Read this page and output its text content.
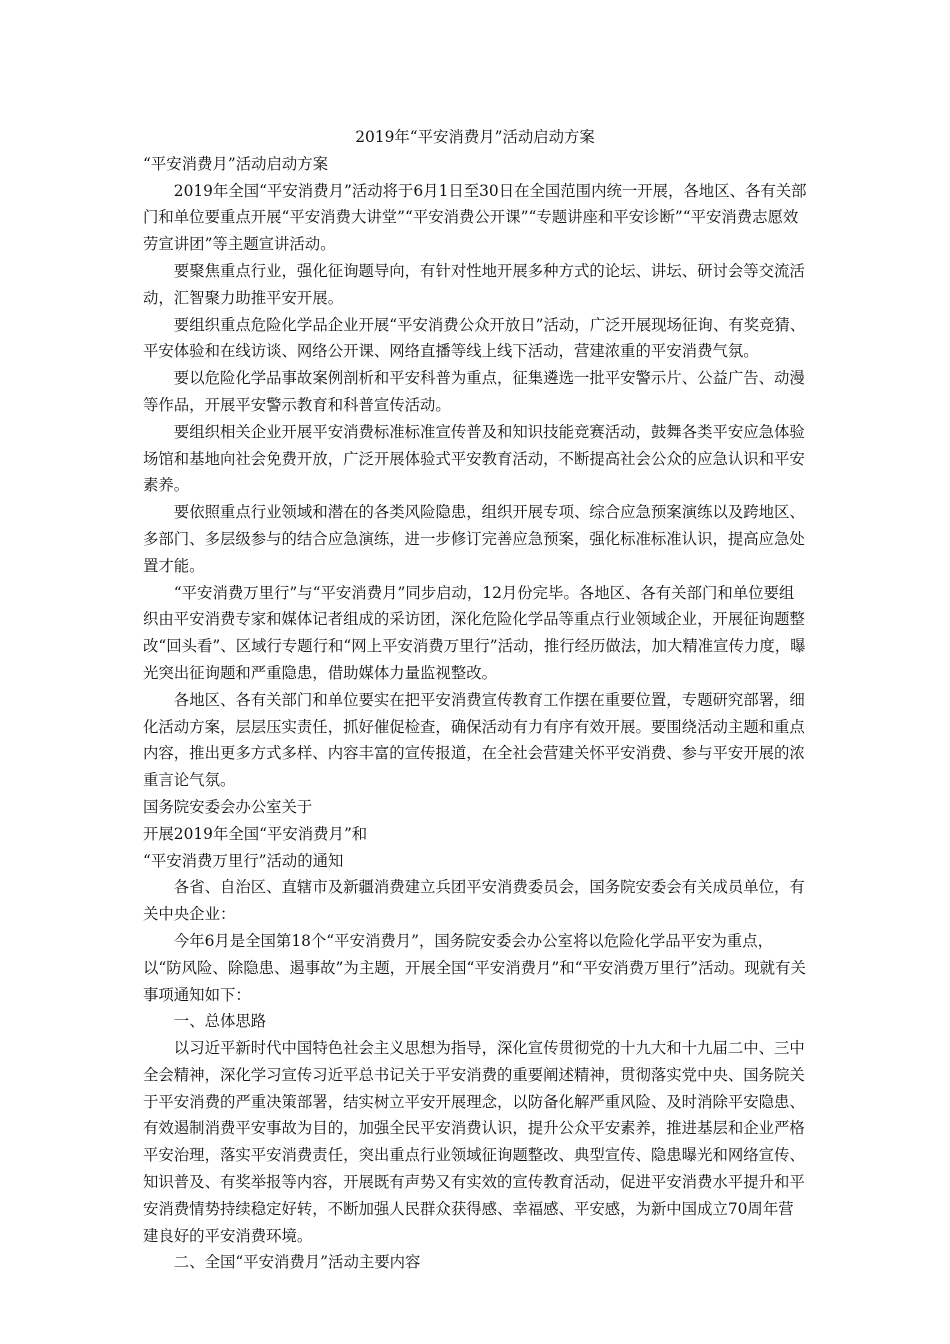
2019年“平安消费月”活动启动方案

“平安消费月”活动启动方案

2019年全国“平安消费月”活动将于6月1日至30日在全国范围内统一开展，各地区、各有关部门和单位要重点开展“平安消费大讲堂”“平安消费公开课”“专题讲座和平安诊断”“平安消费志愿效劳宣讲团”等主题宣讲活动。

要聚焦重点行业，强化征询题导向，有针对性地开展多种方式的论坛、讲坛、研讨会等交流活动，汇智聚力助推平安开展。

要组织重点危险化学品企业开展“平安消费公众开放日”活动，广泛开展现场征询、有奖竞猜、平安体验和在线访谈、网络公开课、网络直播等线上线下活动，营建浓重的平安消费气氛。

要以危险化学品事故案例剖析和平安科普为重点，征集遴选一批平安警示片、公益广告、动漫等作品，开展平安警示教育和科普宣传活动。

要组织相关企业开展平安消费标准标准宣传普及和知识技能竞赛活动，鼓舞各类平安应急体验场馆和基地向社会免费开放，广泛开展体验式平安教育活动，不断提高社会公众的应急认识和平安素养。

要依照重点行业领域和潜在的各类风险隐患，组织开展专项、综合应急预案演练以及跨地区、多部门、多层级参与的结合应急演练，进一步修订完善应急预案，强化标准标准认识，提高应急处置才能。

“平安消费万里行”与“平安消费月”同步启动，12月份完毕。各地区、各有关部门和单位要组织由平安消费专家和媒体记者组成的采访团，深化危险化学品等重点行业领域企业，开展征询题整改“回头看”、区域行专题行和“网上平安消费万里行”活动，推行经历做法，加大精准宣传力度，曝光突出征询题和严重隐患，借助媒体力量监视整改。

各地区、各有关部门和单位要实在把平安消费宣传教育工作摆在重要位置，专题研究部署，细化活动方案，层层压实责任，抓好催促检查，确保活动有力有序有效开展。要围绕活动主题和重点内容，推出更多方式多样、内容丰富的宣传报道，在全社会营建关怀平安消费、参与平安开展的浓重言论气氛。

国务院安委会办公室关于

开展2019年全国“平安消费月”和

“平安消费万里行”活动的通知

各省、自治区、直辖市及新疆消费建立兵团平安消费委员会，国务院安委会有关成员单位，有关中央企业：

今年6月是全国第18个“平安消费月”，国务院安委会办公室将以危险化学品平安为重点，以“防风险、除隐患、遏事故”为主题，开展全国“平安消费月”和“平安消费万里行”活动。现就有关事项通知如下：

一、总体思路

以习近平新时代中国特色社会主义思想为指导，深化宣传贯彻党的十九大和十九届二中、三中全会精神，深化学习宣传习近平总书记关于平安消费的重要阐述精神，贯彻落实党中央、国务院关于平安消费的严重决策部署，结实树立平安开展理念，以防备化解严重风险、及时消除平安隐患、有效遏制消费平安事故为目的，加强全民平安消费认识，提升公众平安素养，推进基层和企业严格平安治理，落实平安消费责任，突出重点行业领域征询题整改、典型宣传、隐患曝光和网络宣传、知识普及、有奖举报等内容，开展既有声势又有实效的宣传教育活动，促进平安消费水平提升和平安消费情势持续稳定好转，不断加强人民群众获得感、幸福感、平安感，为新中国成立70周年营建良好的平安消费环境。

二、全国“平安消费月”活动主要内容
